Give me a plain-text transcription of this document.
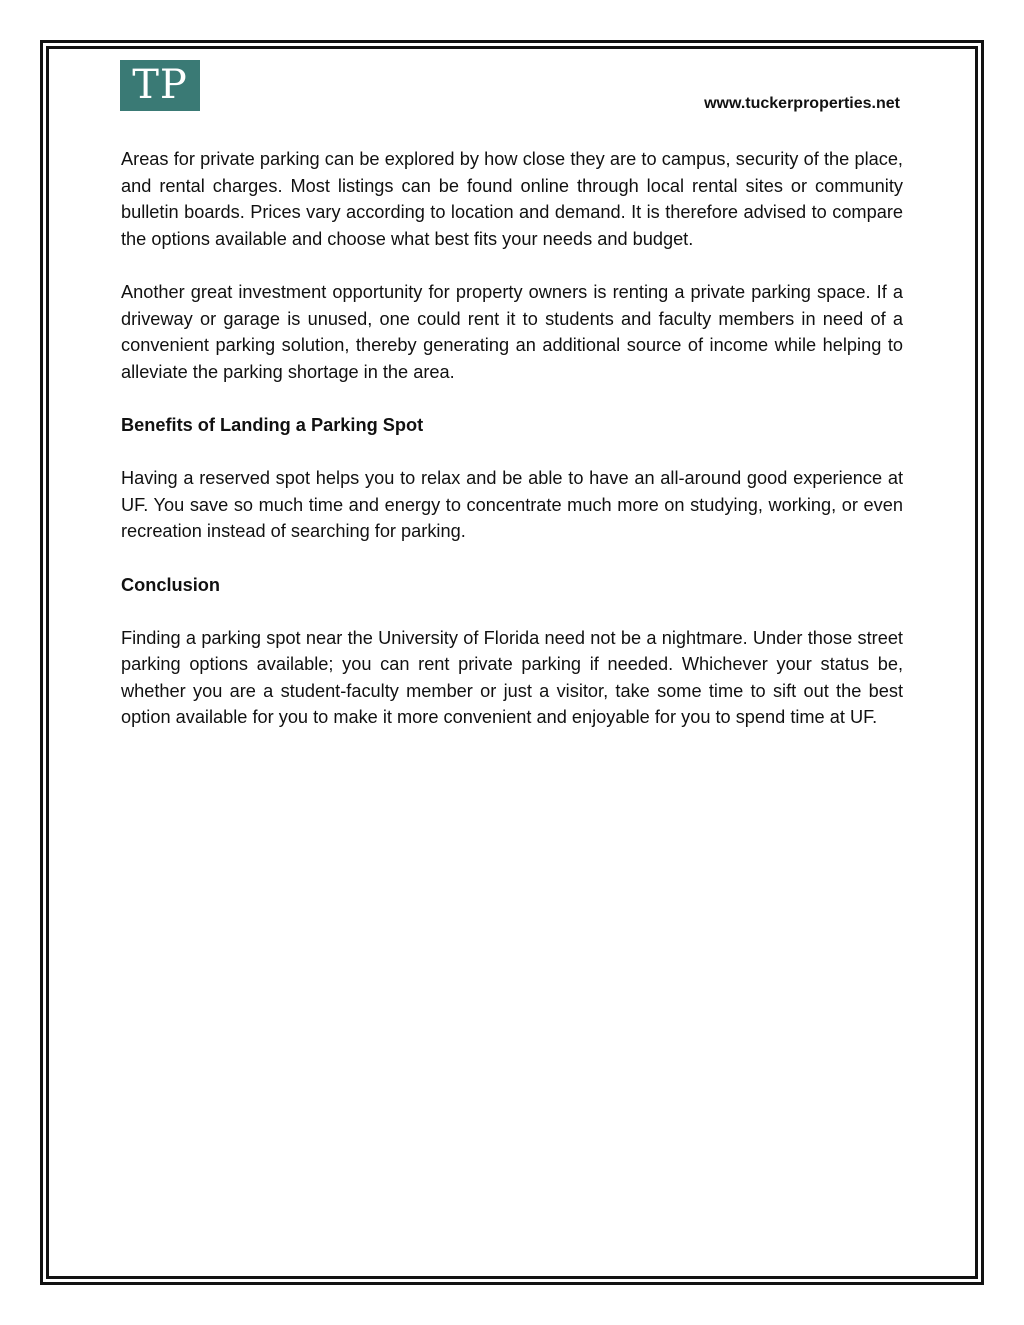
TP	www.tuckerproperties.net

Areas for private parking can be explored by how close they are to campus, security of the place, and rental charges. Most listings can be found online through local rental sites or community bulletin boards. Prices vary according to location and demand. It is therefore advised to compare the options available and choose what best fits your needs and budget.

Another great investment opportunity for property owners is renting a private parking space. If a driveway or garage is unused, one could rent it to students and faculty members in need of a convenient parking solution, thereby generating an additional source of income while helping to alleviate the parking shortage in the area.

Benefits of Landing a Parking Spot

Having a reserved spot helps you to relax and be able to have an all-around good experience at UF. You save so much time and energy to concentrate much more on studying, working, or even recreation instead of searching for parking.

Conclusion

Finding a parking spot near the University of Florida need not be a nightmare. Under those street parking options available; you can rent private parking if needed. Whichever your status be, whether you are a student-faculty member or just a visitor, take some time to sift out the best option available for you to make it more convenient and enjoyable for you to spend time at UF.
